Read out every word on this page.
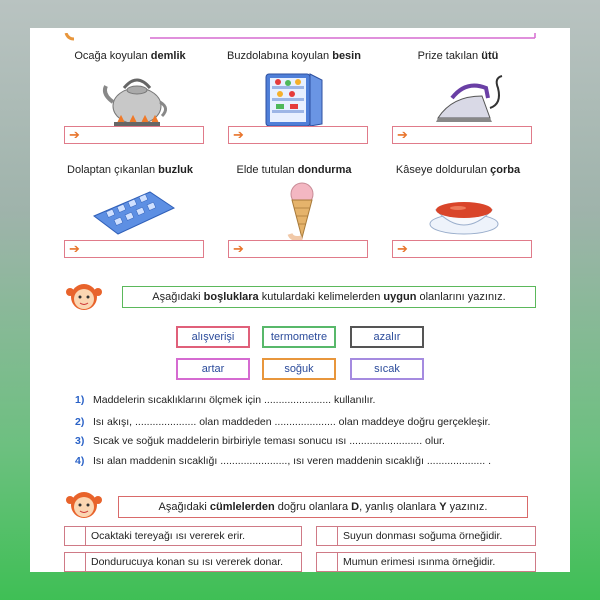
Ocağa koyulan demlik	Buzdolabına koyulan besin	Prize takılan ütü
➔	➔	➔
Dolaptan çıkanlan buzluk	Elde tutulan dondurma	Kâseye doldurulan çorba
➔	➔	➔
Aşağıdaki boşluklara kutulardaki kelimelerden uygun olanlarını yazınız.
alışverişi	termometre	azalır
artar	soğuk	sıcak
1) Maddelerin sıcaklıklarını ölçmek için ....................... kullanılır.
2) Isı akışı, ..................... olan maddeden ..................... olan maddeye doğru gerçekleşir.
3) Sıcak ve soğuk maddelerin birbiriyle teması sonucu ısı ......................... olur.
4) Isı alan maddenin sıcaklığı ......................., ısı veren maddenin sıcaklığı .................... .
Aşağıdaki cümlelerden doğru olanlara D, yanlış olanlara Y yazınız.
Ocaktaki tereyağı ısı vererek erir.	Suyun donması soğuma örneğidir.
Dondurucuya konan su ısı vererek donar.	Mumun erimesi ısınma örneğidir.
